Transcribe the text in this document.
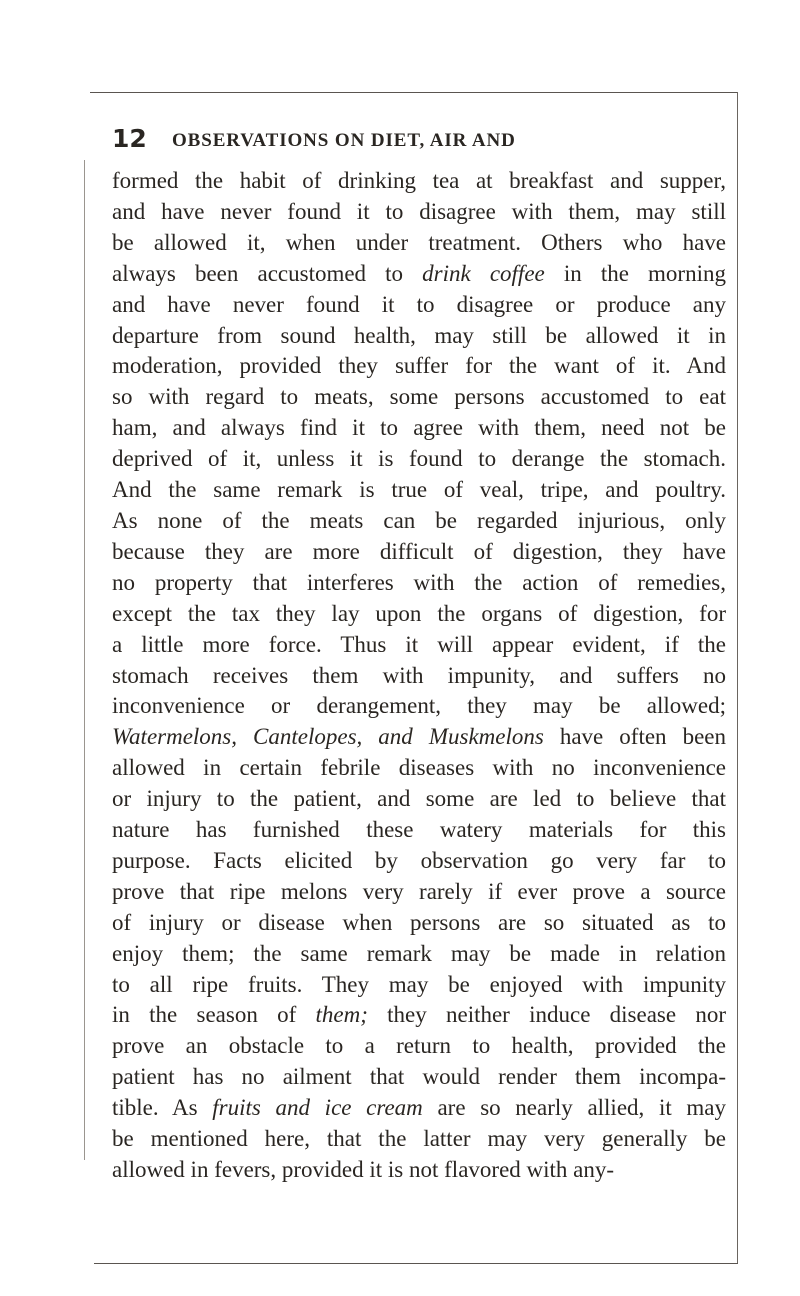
12 OBSERVATIONS ON DIET, AIR AND
formed the habit of drinking tea at breakfast and supper,
and have never found it to disagree with them, may still
be allowed it, when under treatment. Others who have
always been accustomed to drink coffee in the morning
and have never found it to disagree or produce any
departure from sound health, may still be allowed it in
moderation, provided they suffer for the want of it. And
so with regard to meats, some persons accustomed to eat
ham, and always find it to agree with them, need not be
deprived of it, unless it is found to derange the stomach.
And the same remark is true of veal, tripe, and poultry.
As none of the meats can be regarded injurious, only
because they are more difficult of digestion, they have
no property that interferes with the action of remedies,
except the tax they lay upon the organs of digestion, for
a little more force. Thus it will appear evident, if the
stomach receives them with impunity, and suffers no
inconvenience or derangement, they may be allowed;
Watermelons, Cantelopes, and Muskmelons have often been
allowed in certain febrile diseases with no inconvenience
or injury to the patient, and some are led to believe that
nature has furnished these watery materials for this
purpose. Facts elicited by observation go very far to
prove that ripe melons very rarely if ever prove a source
of injury or disease when persons are so situated as to
enjoy them; the same remark may be made in relation
to all ripe fruits. They may be enjoyed with impunity
in the season of them; they neither induce disease nor
prove an obstacle to a return to health, provided the
patient has no ailment that would render them incompa-
tible. As fruits and ice cream are so nearly allied, it may
be mentioned here, that the latter may very generally be
allowed in fevers, provided it is not flavored with any-
